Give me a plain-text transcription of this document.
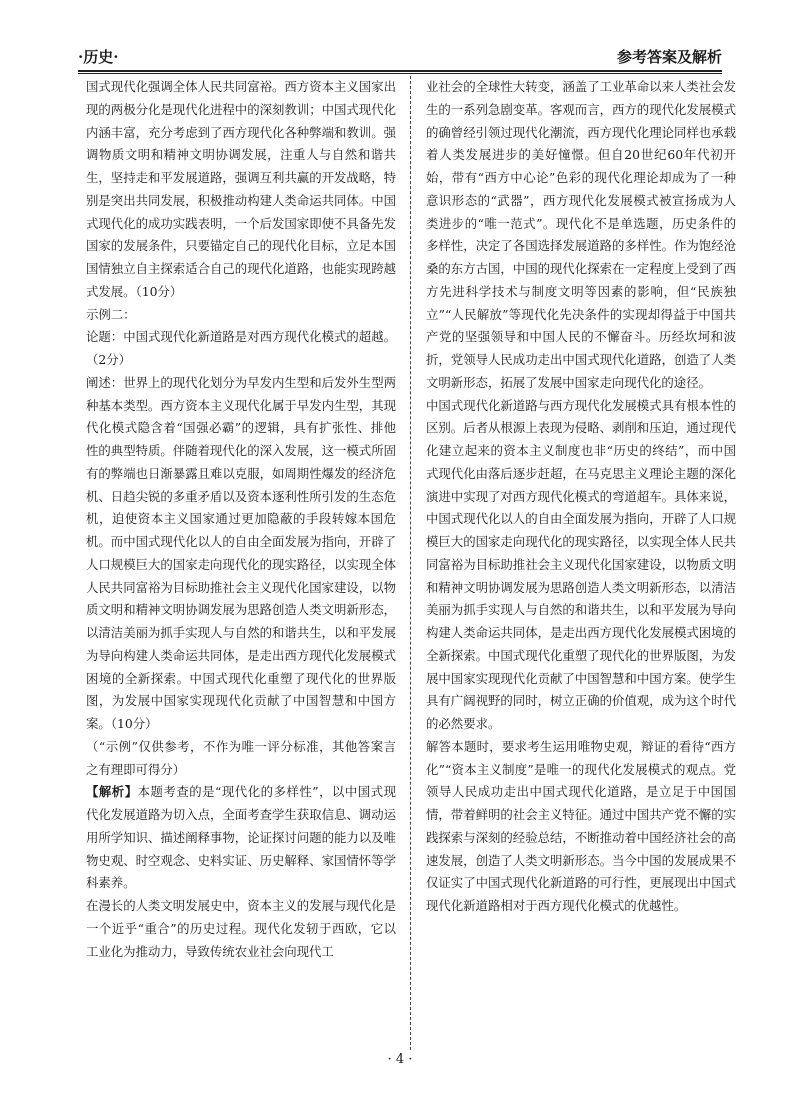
·历史·	参考答案及解析

国式现代化强调全体人民共同富裕。西方资本主义国家出现的两极分化是现代化进程中的深刻教训；中国式现代化内涵丰富，充分考虑到了西方现代化各种弊端和教训。强调物质文明和精神文明协调发展，注重人与自然和谐共生，坚持走和平发展道路，强调互利共赢的开发战略，特别是突出共同发展，积极推动构建人类命运共同体。中国式现代化的成功实践表明，一个后发国家即使不具备先发国家的发展条件，只要锚定自己的现代化目标，立足本国国情独立自主探索适合自己的现代化道路，也能实现跨越式发展。（10分）

示例二：

论题：中国式现代化新道路是对西方现代化模式的超越。（2分）

阐述：世界上的现代化划分为早发内生型和后发外生型两种基本类型。西方资本主义现代化属于早发内生型，其现代化模式隐含着“国强必霸”的逻辑，具有扩张性、排他性的典型特质。伴随着现代化的深入发展，这一模式所固有的弊端也日渐暴露且难以克服，如周期性爆发的经济危机、日趋尖锐的多重矛盾以及资本逐利性所引发的生态危机，迫使资本主义国家通过更加隐蔽的手段转嫁本国危机。而中国式现代化以人的自由全面发展为指向，开辟了人口规模巨大的国家走向现代化的现实路径，以实现全体人民共同富裕为目标助推社会主义现代化国家建设，以物质文明和精神文明协调发展为思路创造人类文明新形态，以清洁美丽为抓手实现人与自然的和谐共生，以和平发展为导向构建人类命运共同体，是走出西方现代化发展模式困境的全新探索。中国式现代化重塑了现代化的世界版图，为发展中国家实现现代化贡献了中国智慧和中国方案。（10分）

（“示例”仅供参考，不作为唯一评分标准，其他答案言之有理即可得分）

【解析】本题考查的是“现代化的多样性”，以中国式现代化发展道路为切入点，全面考查学生获取信息、调动运用所学知识、描述阐释事物，论证探讨问题的能力以及唯物史观、时空观念、史料实证、历史解释、家国情怀等学科素养。

在漫长的人类文明发展史中，资本主义的发展与现代化是一个近乎“重合”的历史过程。现代化发轫于西欧，它以工业化为推动力，导致传统农业社会向现代工

业社会的全球性大转变，涵盖了工业革命以来人类社会发生的一系列急剧变革。客观而言，西方的现代化发展模式的确曾经引领过现代化潮流，西方现代化理论同样也承载着人类发展进步的美好憧憬。但自20世纪60年代初开始，带有“西方中心论”色彩的现代化理论却成为了一种意识形态的“武器”，西方现代化发展模式被宣扬成为人类进步的“唯一范式”。现代化不是单选题，历史条件的多样性，决定了各国选择发展道路的多样性。作为饱经沧桑的东方古国，中国的现代化探索在一定程度上受到了西方先进科学技术与制度文明等因素的影响，但“民族独立”“人民解放”等现代化先决条件的实现却得益于中国共产党的坚强领导和中国人民的不懈奋斗。历经坎坷和波折，党领导人民成功走出中国式现代化道路，创造了人类文明新形态，拓展了发展中国家走向现代化的途径。

中国式现代化新道路与西方现代化发展模式具有根本性的区别。后者从根源上表现为侵略、剥削和压迫，通过现代化建立起来的资本主义制度也非“历史的终结”，而中国式现代化由落后逐步赶超，在马克思主义理论主题的深化演进中实现了对西方现代化模式的弯道超车。具体来说，中国式现代化以人的自由全面发展为指向，开辟了人口规模巨大的国家走向现代化的现实路径，以实现全体人民共同富裕为目标助推社会主义现代化国家建设，以物质文明和精神文明协调发展为思路创造人类文明新形态，以清洁美丽为抓手实现人与自然的和谐共生，以和平发展为导向构建人类命运共同体，是走出西方现代化发展模式困境的全新探索。中国式现代化重塑了现代化的世界版图，为发展中国家实现现代化贡献了中国智慧和中国方案。使学生具有广阔视野的同时，树立正确的价值观，成为这个时代的必然要求。

解答本题时，要求考生运用唯物史观，辩证的看待“西方化”“资本主义制度”是唯一的现代化发展模式的观点。党领导人民成功走出中国式现代化道路，是立足于中国国情，带着鲜明的社会主义特征。通过中国共产党不懈的实践探索与深刻的经验总结，不断推动着中国经济社会的高速发展，创造了人类文明新形态。当今中国的发展成果不仅证实了中国式现代化新道路的可行性，更展现出中国式现代化新道路相对于西方现代化模式的优越性。

· 4 ·
